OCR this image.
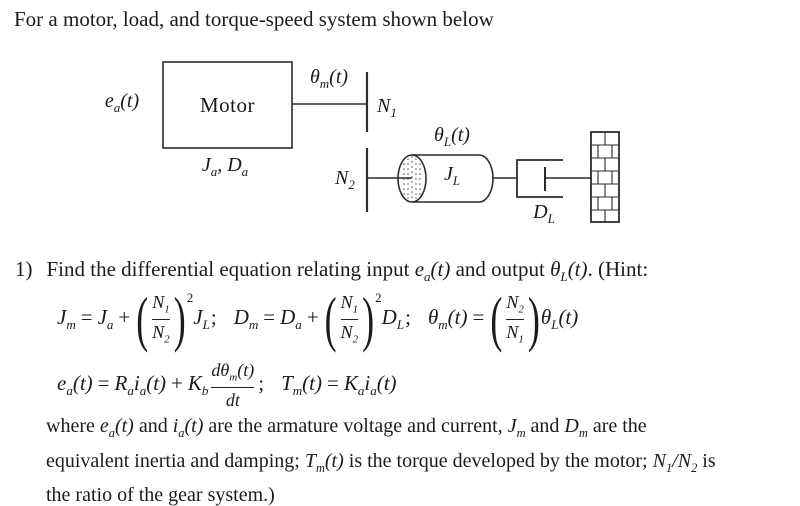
For a motor, load, and torque-speed system shown below
$e_a(t)$	Motor
$J_a$, $D_a$
$\theta_m(t)$
$N_1$
$N_2$
$\theta_L(t)$
$J_L$
$D_L$
1) Find the differential equation relating input $e_a(t)$ and output $\theta_L(t)$. (Hint:
$J_m = J_a$ + ( $\frac{N_1}{N_2} )^2J_L$; $D_m = D_a$ + ( $\frac{N_1}{N_2} )^2D_L$; $\theta_m(t)$ = ( $\frac{N_2}{N_1} )\theta_L(t)$
$e_a(t) = R_ai_a(t) + K_b \frac{d\theta_m(t)}{dt}$ ; $T_m(t) = K_ai_a(t)$
where $e_a(t)$ and $i_a(t)$ are the armature voltage and current, $J_m$ and $D_m$ are the
equivalent inertia and damping; $T_m(t)$ is the torque developed by the motor; $N_1/N_2$ is
the ratio of the gear system.)
